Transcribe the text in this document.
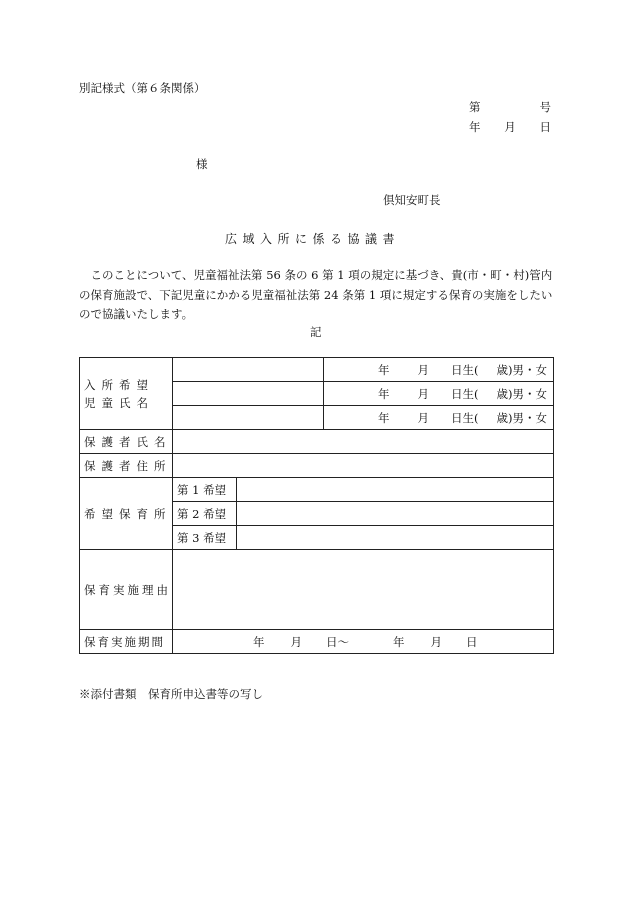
別記様式（第６条関係）
第	号
年 月 日
様
倶知安町長
広域入所に係る協議書
このことについて、児童福祉法第 56 条の 6 第 1 項の規定に基づき、貴(市・町・村)管内の保育施設で、下記児童にかかる児童福祉法第 24 条第 1 項に規定する保育の実施をしたいので協議いたします。
記
入所希望
児童氏名			年 月 日生( 歳)男・女
			年 月 日生( 歳)男・女
			年 月 日生( 歳)男・女
保護者氏名			
保護者住所			
希望保育所	第 1 希望		
	第 2 希望		
	第 3 希望		
保育実施理由			
保育実施期間	年 月 日〜 年 月 日		
※添付書類　保育所申込書等の写し
